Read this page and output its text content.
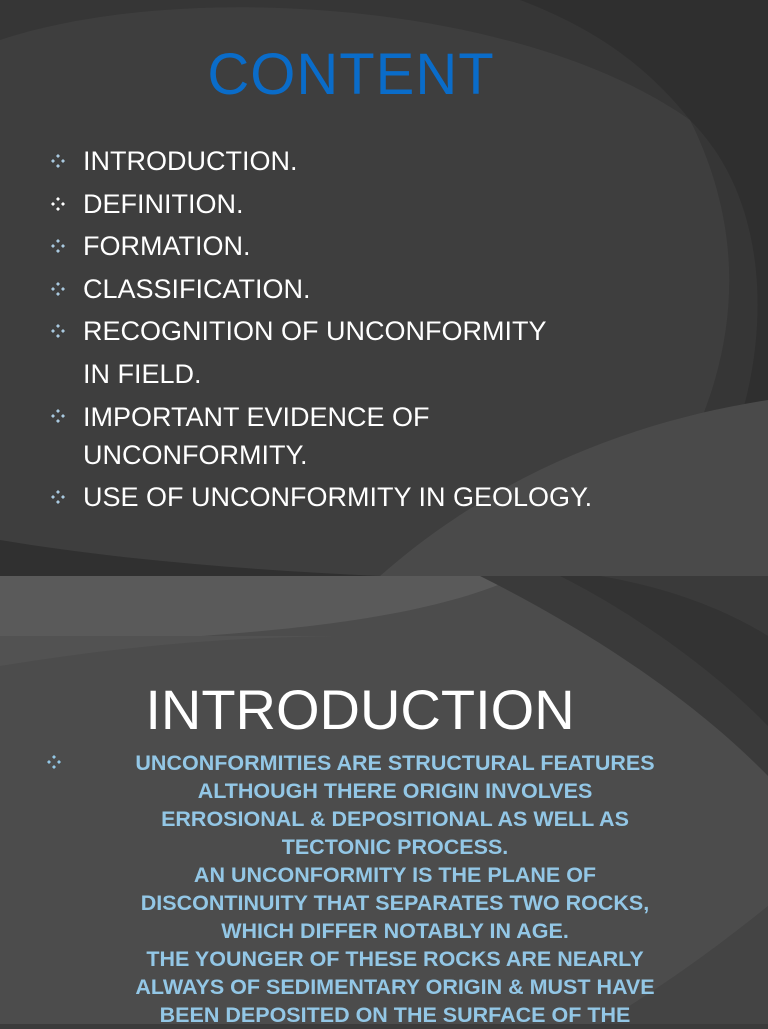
CONTENT
INTRODUCTION.
DEFINITION.
FORMATION.
CLASSIFICATION.
RECOGNITION OF UNCONFORMITY
IN FIELD.
IMPORTANT EVIDENCE OF
UNCONFORMITY.
USE OF UNCONFORMITY IN GEOLOGY.
INTRODUCTION
UNCONFORMITIES ARE STRUCTURAL FEATURES
ALTHOUGH THERE ORIGIN INVOLVES
ERROSIONAL & DEPOSITIONAL AS WELL AS
TECTONIC PROCESS.
AN UNCONFORMITY IS THE PLANE OF
DISCONTINUITY THAT SEPARATES TWO ROCKS,
WHICH DIFFER NOTABLY IN AGE.
THE YOUNGER OF THESE ROCKS ARE NEARLY
ALWAYS OF SEDIMENTARY ORIGIN & MUST HAVE
BEEN DEPOSITED ON THE SURFACE OF THE
